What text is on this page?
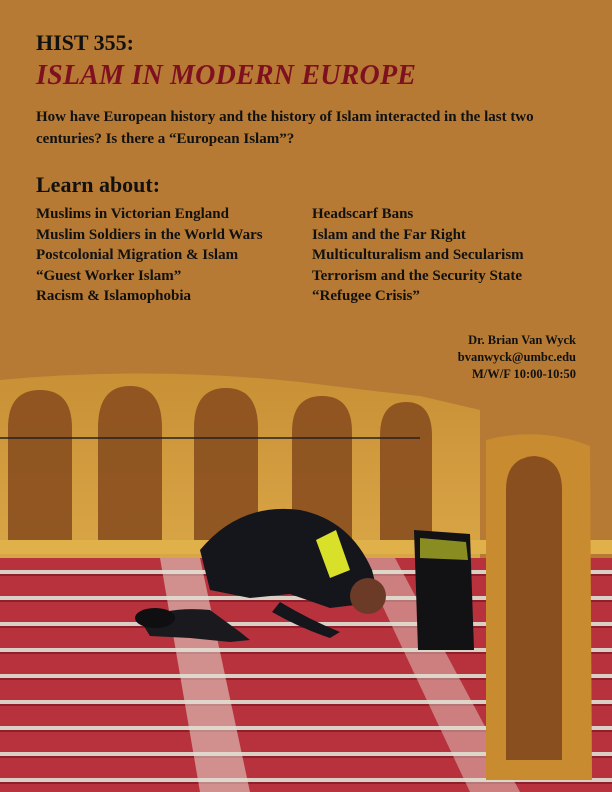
HIST 355:
ISLAM IN MODERN EUROPE

How have European history and the history of Islam interacted in the last two centuries? Is there a “European Islam”?

Learn about:
Muslims in Victorian England
Muslim Soldiers in the World Wars
Postcolonial Migration & Islam
“Guest Worker Islam”
Racism & Islamophobia
Headscarf Bans
Islam and the Far Right
Multiculturalism and Secularism
Terrorism and the Security State
“Refugee Crisis”
Dr. Brian Van Wyck
bvanwyck@umbc.edu
M/W/F 10:00-10:50
